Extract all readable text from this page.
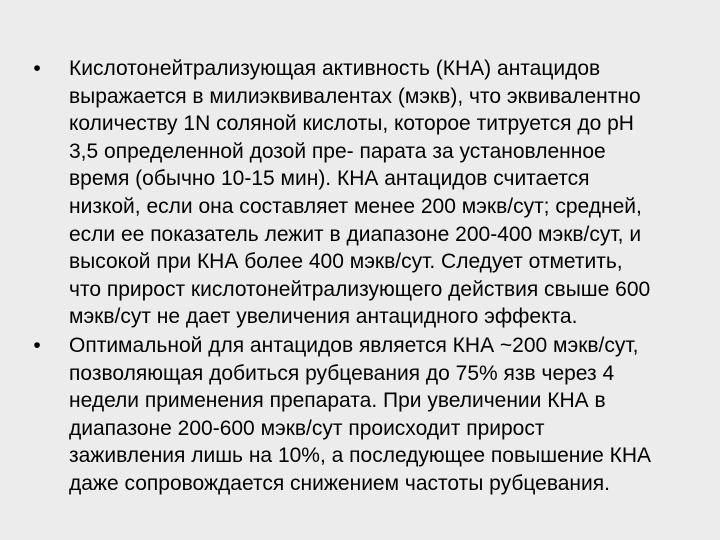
• Кислотонейтрализующая активность (КНА) антацидов
выражается в милиэквивалентах (мэкв), что эквивалентно
количеству 1N соляной кислоты, которое титруется до рН
3,5 определенной дозой пре- парата за установленное
время (обычно 10-15 мин). КНА антацидов считается
низкой, если она составляет менее 200 мэкв/сут; средней,
если ее показатель лежит в диапазоне 200-400 мэкв/сут, и
высокой при КНА более 400 мэкв/сут. Следует отметить,
что прирост кислотонейтрализующего действия свыше 600
мэкв/сут не дает увеличения антацидного эффекта.
• Оптимальной для антацидов является КНА ~200 мэкв/сут,
позволяющая добиться рубцевания до 75% язв через 4
недели применения препарата. При увеличении КНА в
диапазоне 200-600 мэкв/сут происходит прирост
заживления лишь на 10%, а последующее повышение КНА
даже сопровождается снижением частоты рубцевания.
